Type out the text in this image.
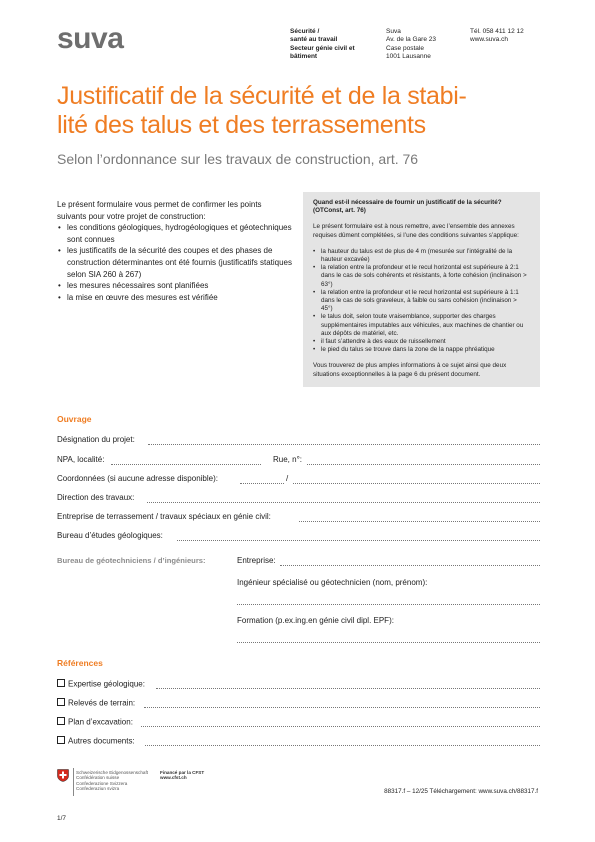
suva	Sécurité /
santé au travail
Secteur génie civil et
bâtiment
Suva
Av. de la Gare 23
Case postale
1001 Lausanne
Tél. 058 411 12 12
www.suva.ch
Justificatif de la sécurité et de la stabi-
lité des talus et des terrassements
Selon l’ordonnance sur les travaux de construction, art. 76
Le présent formulaire vous permet de confirmer les points suivants pour votre projet de construction:
• les conditions géologiques, hydrogéologiques et géotechniques sont connues
• les justificatifs de la sécurité des coupes et des phases de construction déterminantes ont été fournis (justificatifs statiques selon SIA 260 à 267)
• les mesures nécessaires sont planifiées
• la mise en œuvre des mesures est vérifiée
Quand est-il nécessaire de fournir un justificatif de la sécurité? (OTConst, art. 76)

Le présent formulaire est à nous remettre, avec l’ensemble des annexes requises dûment complétées, si l’une des conditions suivantes s’applique:

• la hauteur du talus est de plus de 4 m (mesurée sur l’intégralité de la hauteur excavée)
• la relation entre la profondeur et le recul horizontal est supérieure à 2:1 dans le cas de sols cohérents et résistants, à forte cohésion (inclinaison > 63°)
• la relation entre la profondeur et le recul horizontal est supérieure à 1:1 dans le cas de sols graveleux, à faible ou sans cohésion (inclinaison > 45°)
• le talus doit, selon toute vraisemblance, supporter des charges supplémentaires imputables aux véhicules, aux machines de chantier ou aux dépôts de matériel, etc.
• il faut s’attendre à des eaux de ruissellement
• le pied du talus se trouve dans la zone de la nappe phréatique

Vous trouverez de plus amples informations à ce sujet ainsi que deux situations exceptionnelles à la page 6 du présent document.

Ouvrage
Désignation du projet:
NPA, localité:	Rue, n°:
Coordonnées (si aucune adresse disponible):	/
Direction des travaux:
Entreprise de terrassement / travaux spéciaux en génie civil:
Bureau d’études géologiques:
Bureau de géotechniciens / d’ingénieurs:	Entreprise:
Ingénieur spécialisé ou géotechnicien (nom, prénom):
Formation (p.ex.ing.en génie civil dipl. EPF):
Références
Expertise géologique:
Relevés de terrain:
Plan d’excavation:
Autres documents:
Schweizerische Eidgenossenschaft
Confédération suisse
Confederazione Svizzera
Confederaziun svizra
Financé par la CFST
www.cfst.ch
88317.f – 12/25 Téléchargement: www.suva.ch/88317.f
1/7
